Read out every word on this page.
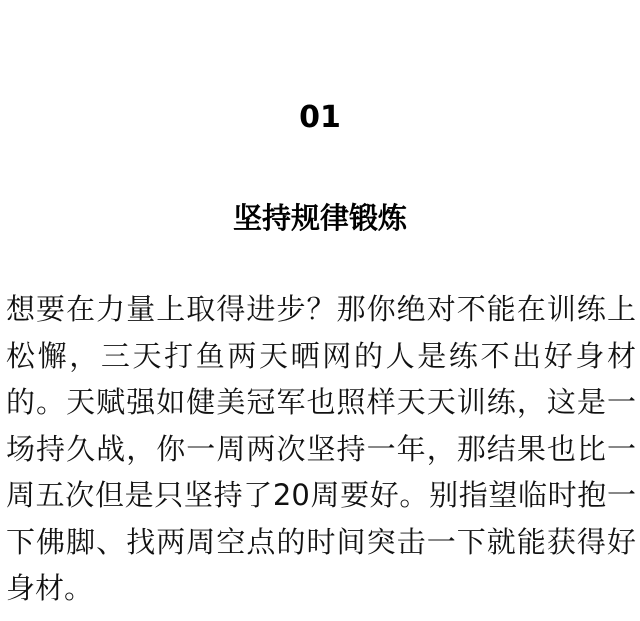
01
坚持规律锻炼

想要在力量上取得进步？那你绝对不能在训练上松懈，三天打鱼两天晒网的人是练不出好身材的。天赋强如健美冠军也照样天天训练，这是一场持久战，你一周两次坚持一年，那结果也比一周五次但是只坚持了20周要好。别指望临时抱一下佛脚、找两周空点的时间突击一下就能获得好身材。
